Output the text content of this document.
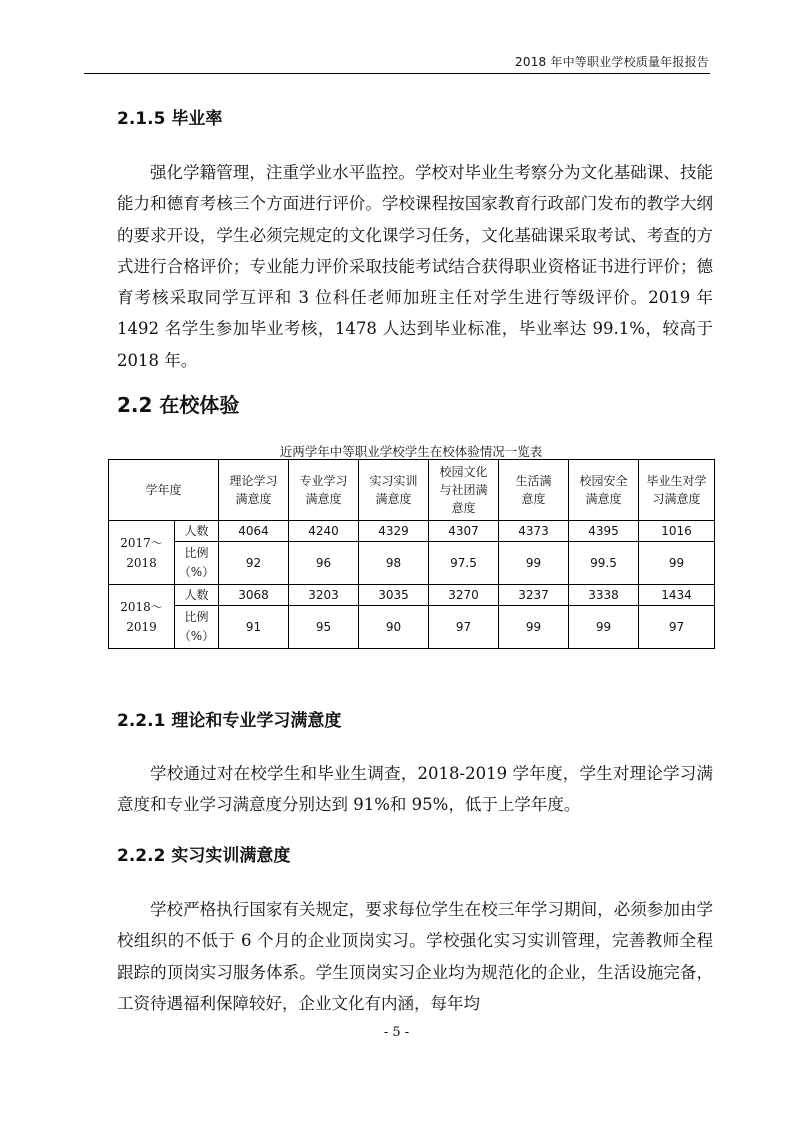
2018 年中等职业学校质量年报报告
2.1.5 毕业率

强化学籍管理，注重学业水平监控。学校对毕业生考察分为文化基础课、技能能力和德育考核三个方面进行评价。学校课程按国家教育行政部门发布的教学大纲的要求开设，学生必须完规定的文化课学习任务，文化基础课采取考试、考查的方式进行合格评价；专业能力评价采取技能考试结合获得职业资格证书进行评价；德育考核采取同学互评和 3 位科任老师加班主任对学生进行等级评价。2019 年 1492 名学生参加毕业考核，1478 人达到毕业标准，毕业率达 99.1%，较高于 2018 年。

2.2 在校体验
近两学年中等职业学校学生在校体验情况一览表
学年度		理论学习满意度	专业学习满意度	实习实训满意度	校园文化与社团满意度	生活满意度	校园安全满意度	毕业生对学习满意度
2017～2018	人数	4064	4240	4329	4307	4373	4395	1016
	比例（%）	92	96	98	97.5	99	99.5	99
2018～2019	人数	3068	3203	3035	3270	3237	3338	1434
	比例（%）	91	95	90	97	99	99	97
2.2.1 理论和专业学习满意度

学校通过对在校学生和毕业生调查，2018-2019 学年度，学生对理论学习满意度和专业学习满意度分别达到 91%和 95%，低于上学年度。

2.2.2 实习实训满意度

学校严格执行国家有关规定，要求每位学生在校三年学习期间，必须参加由学校组织的不低于 6 个月的企业顶岗实习。学校强化实习实训管理，完善教师全程跟踪的顶岗实习服务体系。学生顶岗实习企业均为规范化的企业，生活设施完备，工资待遇福利保障较好，企业文化有内涵，每年均

- 5 -
